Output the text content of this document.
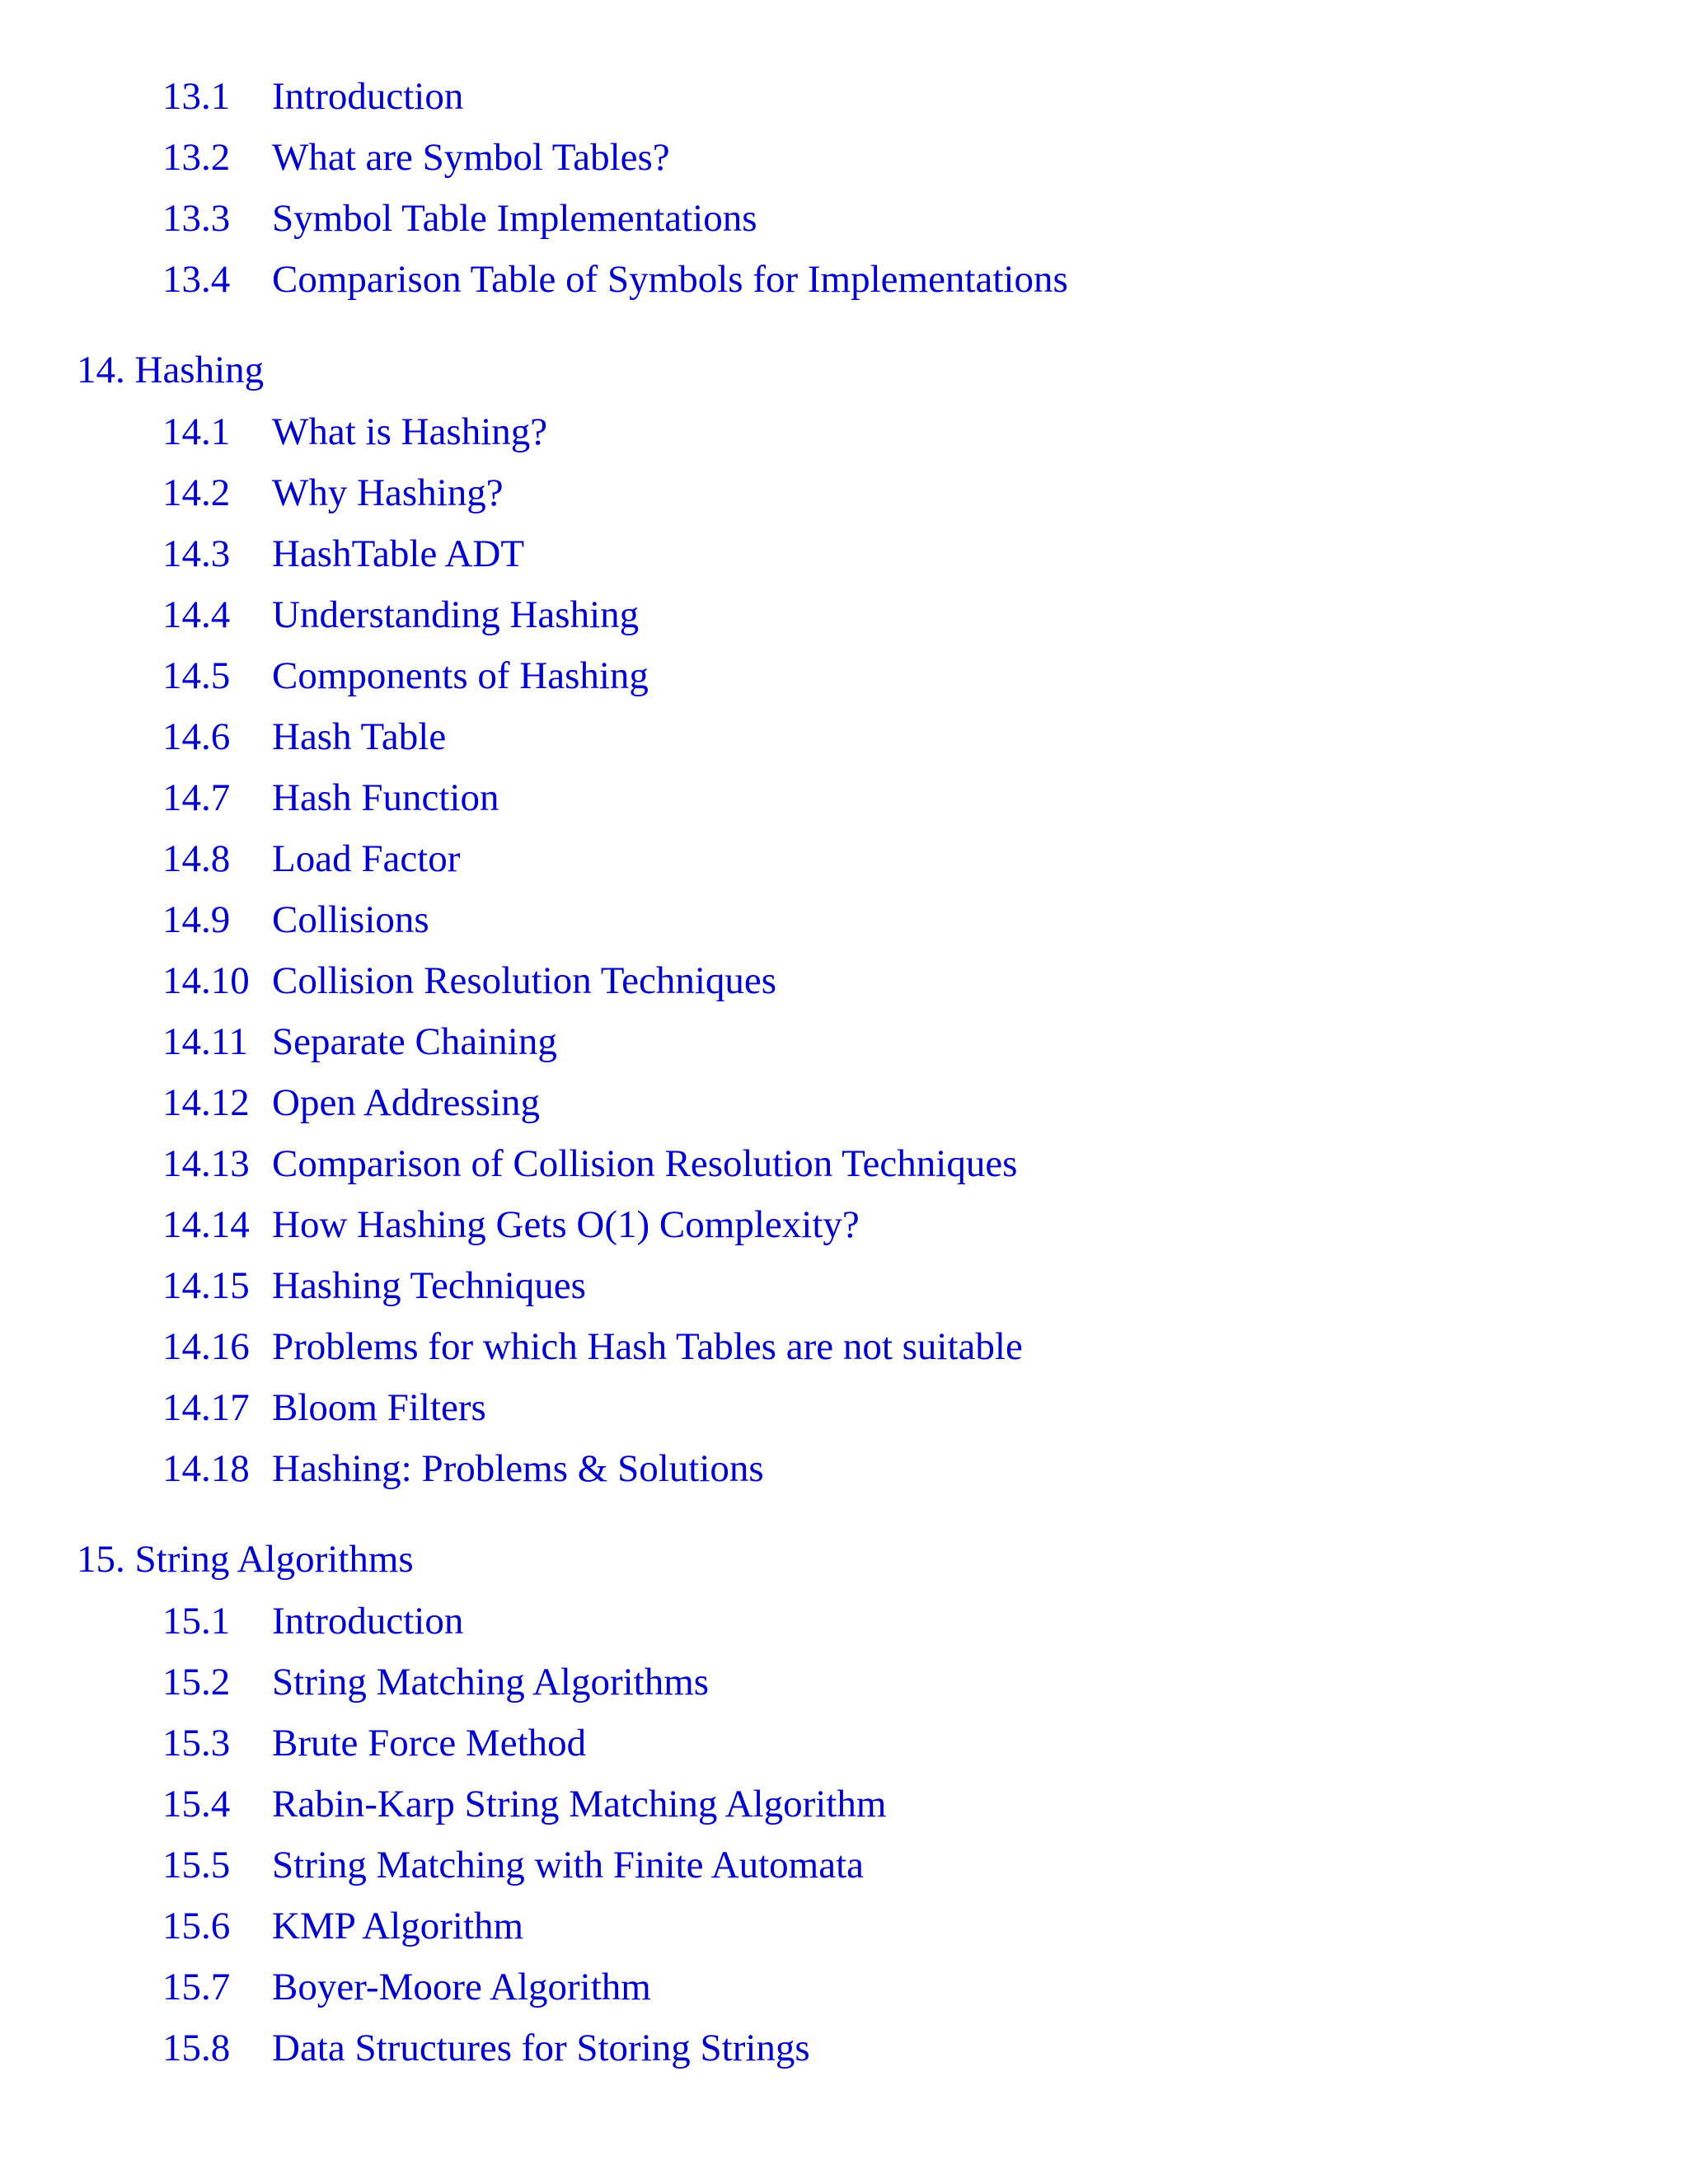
13.1 Introduction
13.2 What are Symbol Tables?
13.3 Symbol Table Implementations
13.4 Comparison Table of Symbols for Implementations
14. Hashing
14.1 What is Hashing?
14.2 Why Hashing?
14.3 HashTable ADT
14.4 Understanding Hashing
14.5 Components of Hashing
14.6 Hash Table
14.7 Hash Function
14.8 Load Factor
14.9 Collisions
14.10 Collision Resolution Techniques
14.11 Separate Chaining
14.12 Open Addressing
14.13 Comparison of Collision Resolution Techniques
14.14 How Hashing Gets O(1) Complexity?
14.15 Hashing Techniques
14.16 Problems for which Hash Tables are not suitable
14.17 Bloom Filters
14.18 Hashing: Problems & Solutions
15. String Algorithms
15.1 Introduction
15.2 String Matching Algorithms
15.3 Brute Force Method
15.4 Rabin-Karp String Matching Algorithm
15.5 String Matching with Finite Automata
15.6 KMP Algorithm
15.7 Boyer-Moore Algorithm
15.8 Data Structures for Storing Strings
